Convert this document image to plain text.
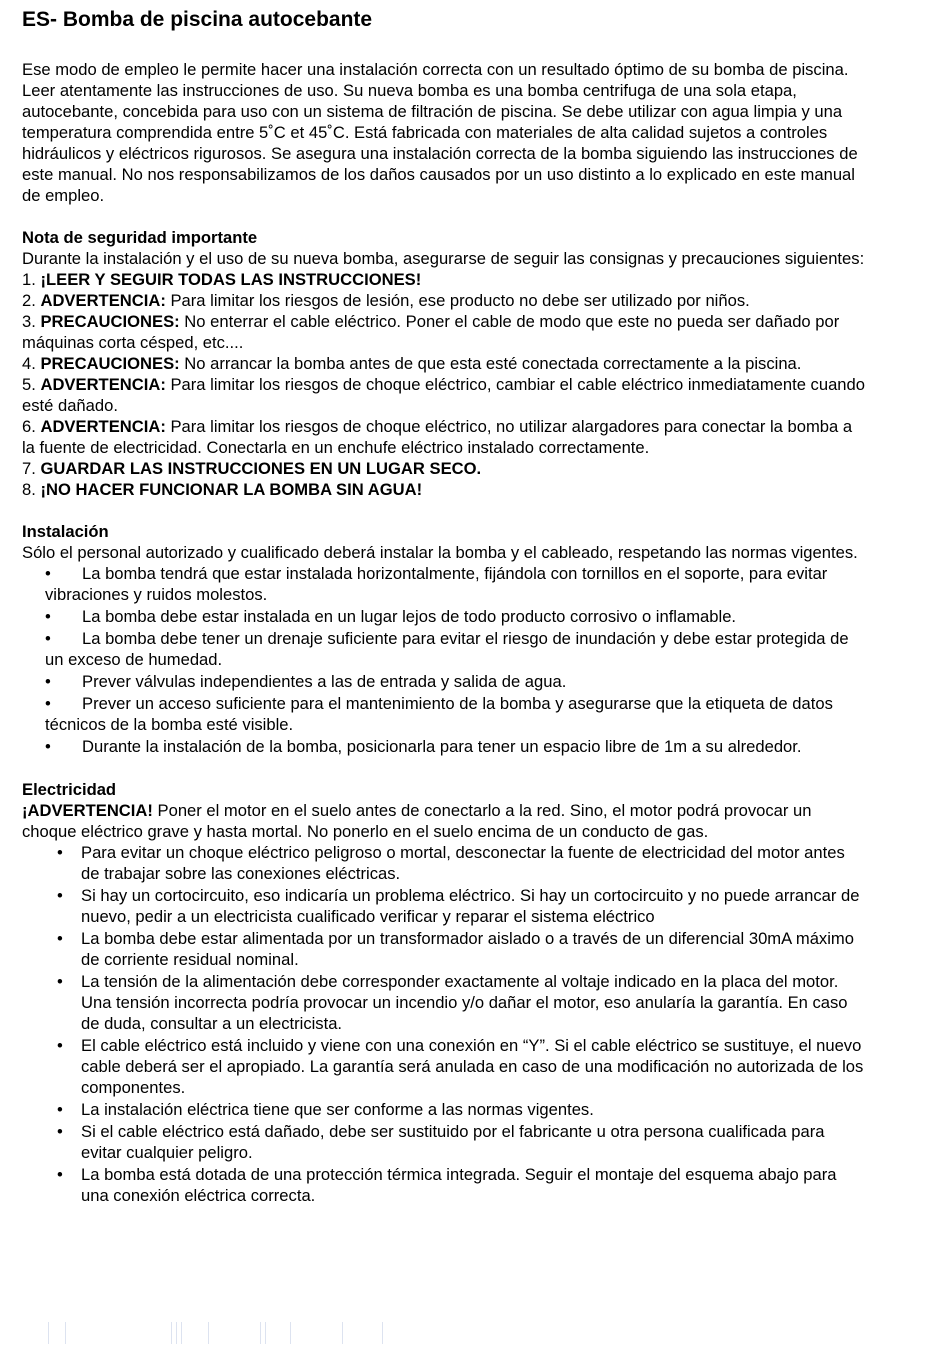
ES- Bomba de piscina autocebante

Ese modo de empleo le permite hacer una instalación correcta con un resultado óptimo de su bomba de piscina. Leer atentamente las instrucciones de uso. Su nueva bomba es una bomba centrifuga de una sola etapa, autocebante, concebida para uso con un sistema de filtración de piscina. Se debe utilizar con agua limpia y una temperatura comprendida entre 5˚C et 45˚C. Está fabricada con materiales de alta calidad sujetos a controles hidráulicos y eléctricos rigurosos. Se asegura una instalación correcta de la bomba siguiendo las instrucciones de este manual. No nos responsabilizamos de los daños causados por un uso distinto a lo explicado en este manual de empleo.

Nota de seguridad importante

Durante la instalación y el uso de su nueva bomba, asegurarse de seguir las consignas y precauciones siguientes:

1. ¡LEER Y SEGUIR TODAS LAS INSTRUCCIONES!
2. ADVERTENCIA: Para limitar los riesgos de lesión, ese producto no debe ser utilizado por niños.
3. PRECAUCIONES: No enterrar el cable eléctrico. Poner el cable de modo que este no pueda ser dañado por máquinas corta césped, etc....
4. PRECAUCIONES: No arrancar la bomba antes de que esta esté conectada correctamente a la piscina.
5. ADVERTENCIA: Para limitar los riesgos de choque eléctrico, cambiar el cable eléctrico inmediatamente cuando esté dañado.
6. ADVERTENCIA: Para limitar los riesgos de choque eléctrico, no utilizar alargadores para conectar la bomba a la fuente de electricidad. Conectarla en un enchufe eléctrico instalado correctamente.
7. GUARDAR LAS INSTRUCCIONES EN UN LUGAR SECO.
8. ¡NO HACER FUNCIONAR LA BOMBA SIN AGUA!
Instalación

Sólo el personal autorizado y cualificado deberá instalar la bomba y el cableado, respetando las normas vigentes.

• La bomba tendrá que estar instalada horizontalmente, fijándola con tornillos en el soporte, para evitar vibraciones y ruidos molestos.
• La bomba debe estar instalada en un lugar lejos de todo producto corrosivo o inflamable.
• La bomba debe tener un drenaje suficiente para evitar el riesgo de inundación y debe estar protegida de un exceso de humedad.
• Prever válvulas independientes a las de entrada y salida de agua.
• Prever un acceso suficiente para el mantenimiento de la bomba y asegurarse que la etiqueta de datos técnicos de la bomba esté visible.
• Durante la instalación de la bomba, posicionarla para tener un espacio libre de 1m a su alrededor.
Electricidad

¡ADVERTENCIA! Poner el motor en el suelo antes de conectarlo a la red. Sino, el motor podrá provocar un choque eléctrico grave y hasta mortal. No ponerlo en el suelo encima de un conducto de gas.

• Para evitar un choque eléctrico peligroso o mortal, desconectar la fuente de electricidad del motor antes de trabajar sobre las conexiones eléctricas.
• Si hay un cortocircuito, eso indicaría un problema eléctrico. Si hay un cortocircuito y no puede arrancar de nuevo, pedir a un electricista cualificado verificar y reparar el sistema eléctrico
• La bomba debe estar alimentada por un transformador aislado o a través de un diferencial 30mA máximo de corriente residual nominal.
• La tensión de la alimentación debe corresponder exactamente al voltaje indicado en la placa del motor. Una tensión incorrecta podría provocar un incendio y/o dañar el motor, eso anularía la garantía. En caso de duda, consultar a un electricista.
• El cable eléctrico está incluido y viene con una conexión en “Y”. Si el cable eléctrico se sustituye, el nuevo cable deberá ser el apropiado. La garantía será anulada en caso de una modificación no autorizada de los componentes.
• La instalación eléctrica tiene que ser conforme a las normas vigentes.
• Si el cable eléctrico está dañado, debe ser sustituido por el fabricante u otra persona cualificada para evitar cualquier peligro.
• La bomba está dotada de una protección térmica integrada. Seguir el montaje del esquema abajo para una conexión eléctrica correcta.
